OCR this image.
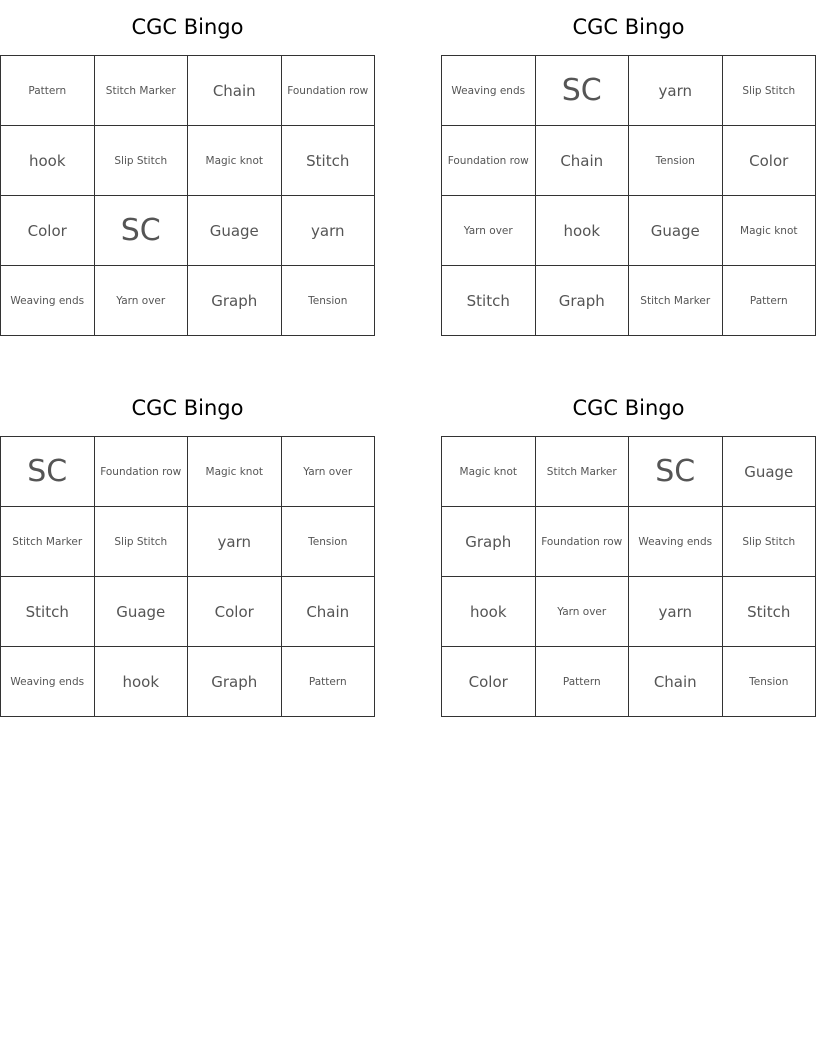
CGC Bingo
Pattern	Stitch Marker	Chain	Foundation row
hook	Slip Stitch	Magic knot	Stitch
Color	SC	Guage	yarn
Weaving ends	Yarn over	Graph	Tension
CGC Bingo
Weaving ends	SC	yarn	Slip Stitch
Foundation row	Chain	Tension	Color
Yarn over	hook	Guage	Magic knot
Stitch	Graph	Stitch Marker	Pattern
CGC Bingo
SC	Foundation row	Magic knot	Yarn over
Stitch Marker	Slip Stitch	yarn	Tension
Stitch	Guage	Color	Chain
Weaving ends	hook	Graph	Pattern
CGC Bingo
Magic knot	Stitch Marker	SC	Guage
Graph	Foundation row	Weaving ends	Slip Stitch
hook	Yarn over	yarn	Stitch
Color	Pattern	Chain	Tension
